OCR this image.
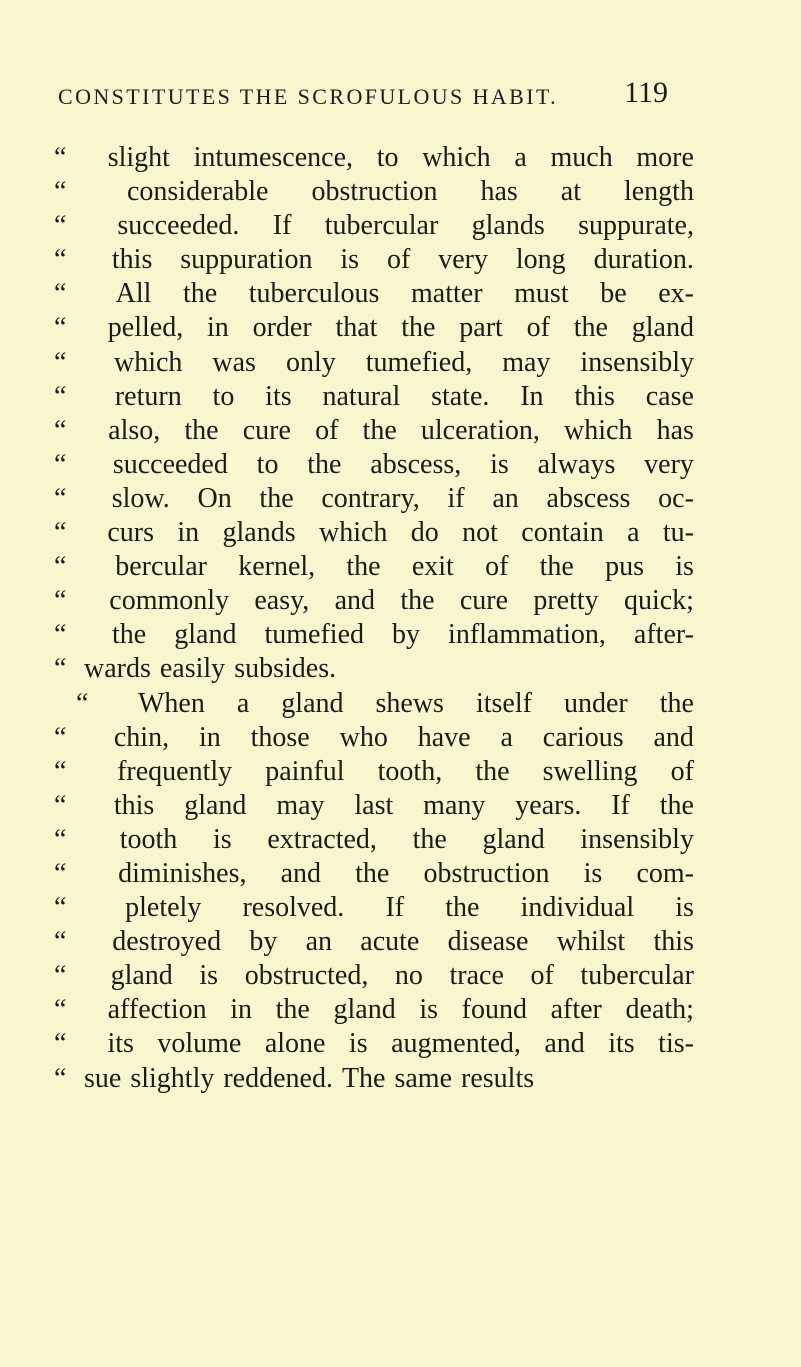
CONSTITUTES THE SCROFULOUS HABIT. 119
“	slight intumescence, to which a much more
“	considerable obstruction has at length
“	succeeded. If tubercular glands suppurate,
“	this suppuration is of very long duration.
“	All the tuberculous matter must be ex-
“	pelled, in order that the part of the gland
“	which was only tumefied, may insensibly
“	return to its natural state. In this case
“	also, the cure of the ulceration, which has
“	succeeded to the abscess, is always very
“	slow. On the contrary, if an abscess oc-
“	curs in glands which do not contain a tu-
“	bercular kernel, the exit of the pus is
“	commonly easy, and the cure pretty quick;
“	the gland tumefied by inflammation, after-
“ wards easily subsides.
“	When a gland shews itself under the
“	chin, in those who have a carious and
“	frequently painful tooth, the swelling of
“	this gland may last many years. If the
“	tooth is extracted, the gland insensibly
“	diminishes, and the obstruction is com-
“	pletely resolved. If the individual is
“	destroyed by an acute disease whilst this
“	gland is obstructed, no trace of tubercular
“	affection in the gland is found after death;
“	its volume alone is augmented, and its tis-
“ sue slightly reddened. The same results
